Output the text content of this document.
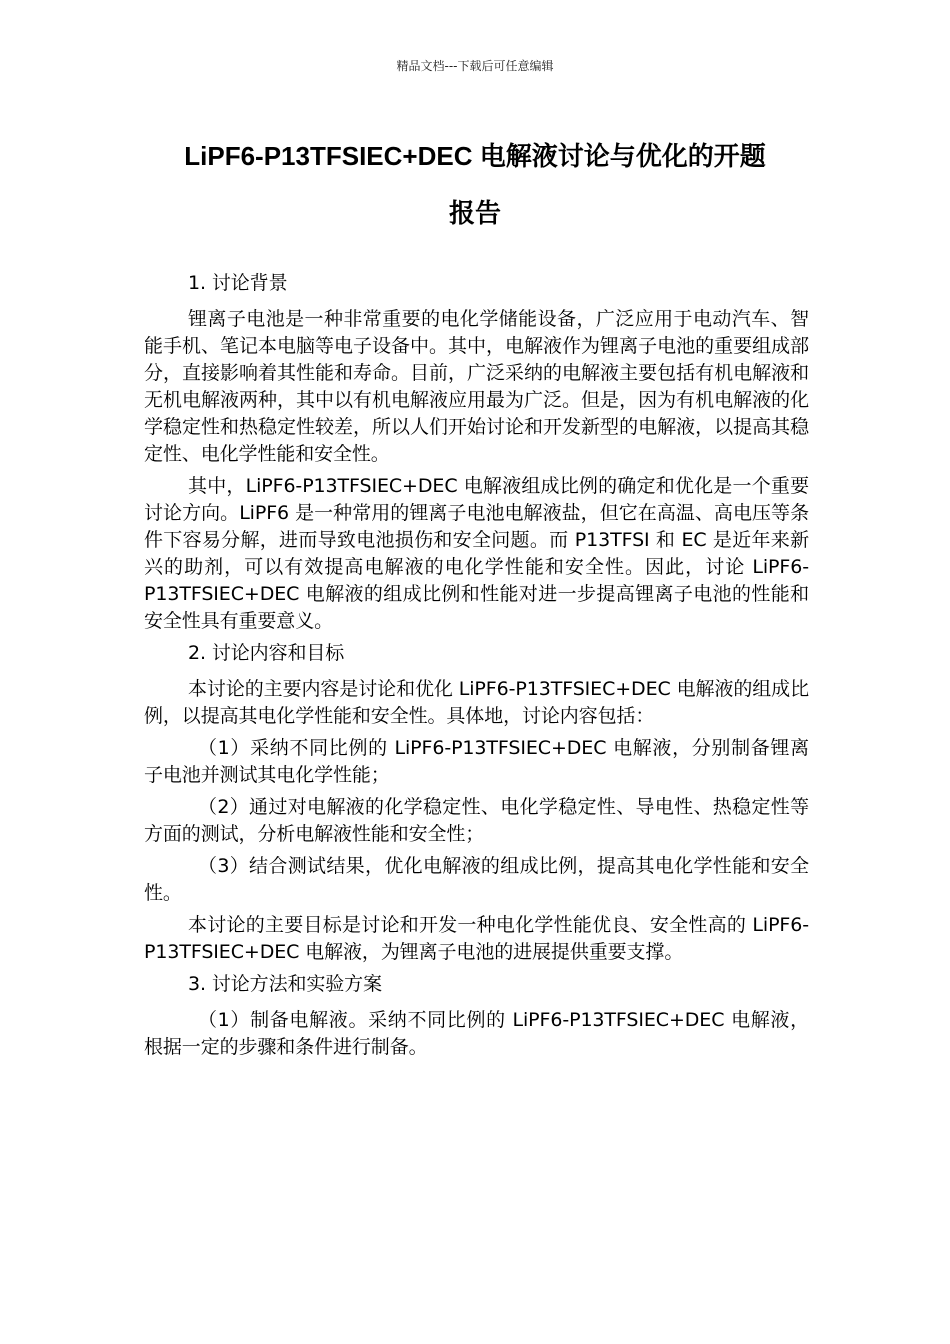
精品文档---下载后可任意编辑
LiPF6-P13TFSIEC+DEC 电解液讨论与优化的开题
报告

1. 讨论背景

锂离子电池是一种非常重要的电化学储能设备，广泛应用于电动汽车、智能手机、笔记本电脑等电子设备中。其中，电解液作为锂离子电池的重要组成部分，直接影响着其性能和寿命。目前，广泛采纳的电解液主要包括有机电解液和无机电解液两种，其中以有机电解液应用最为广泛。但是，因为有机电解液的化学稳定性和热稳定性较差，所以人们开始讨论和开发新型的电解液，以提高其稳定性、电化学性能和安全性。

其中，LiPF6-P13TFSIEC+DEC 电解液组成比例的确定和优化是一个重要讨论方向。LiPF6 是一种常用的锂离子电池电解液盐，但它在高温、高电压等条件下容易分解，进而导致电池损伤和安全问题。而 P13TFSI 和 EC 是近年来新兴的助剂，可以有效提高电解液的电化学性能和安全性。因此，讨论 LiPF6-P13TFSIEC+DEC 电解液的组成比例和性能对进一步提高锂离子电池的性能和安全性具有重要意义。

2. 讨论内容和目标

本讨论的主要内容是讨论和优化 LiPF6-P13TFSIEC+DEC 电解液的组成比例，以提高其电化学性能和安全性。具体地，讨论内容包括：

（1）采纳不同比例的 LiPF6-P13TFSIEC+DEC 电解液，分别制备锂离子电池并测试其电化学性能；

（2）通过对电解液的化学稳定性、电化学稳定性、导电性、热稳定性等方面的测试，分析电解液性能和安全性；

（3）结合测试结果，优化电解液的组成比例，提高其电化学性能和安全性。

本讨论的主要目标是讨论和开发一种电化学性能优良、安全性高的 LiPF6-P13TFSIEC+DEC 电解液，为锂离子电池的进展提供重要支撑。

3. 讨论方法和实验方案

（1）制备电解液。采纳不同比例的 LiPF6-P13TFSIEC+DEC 电解液，根据一定的步骤和条件进行制备。
